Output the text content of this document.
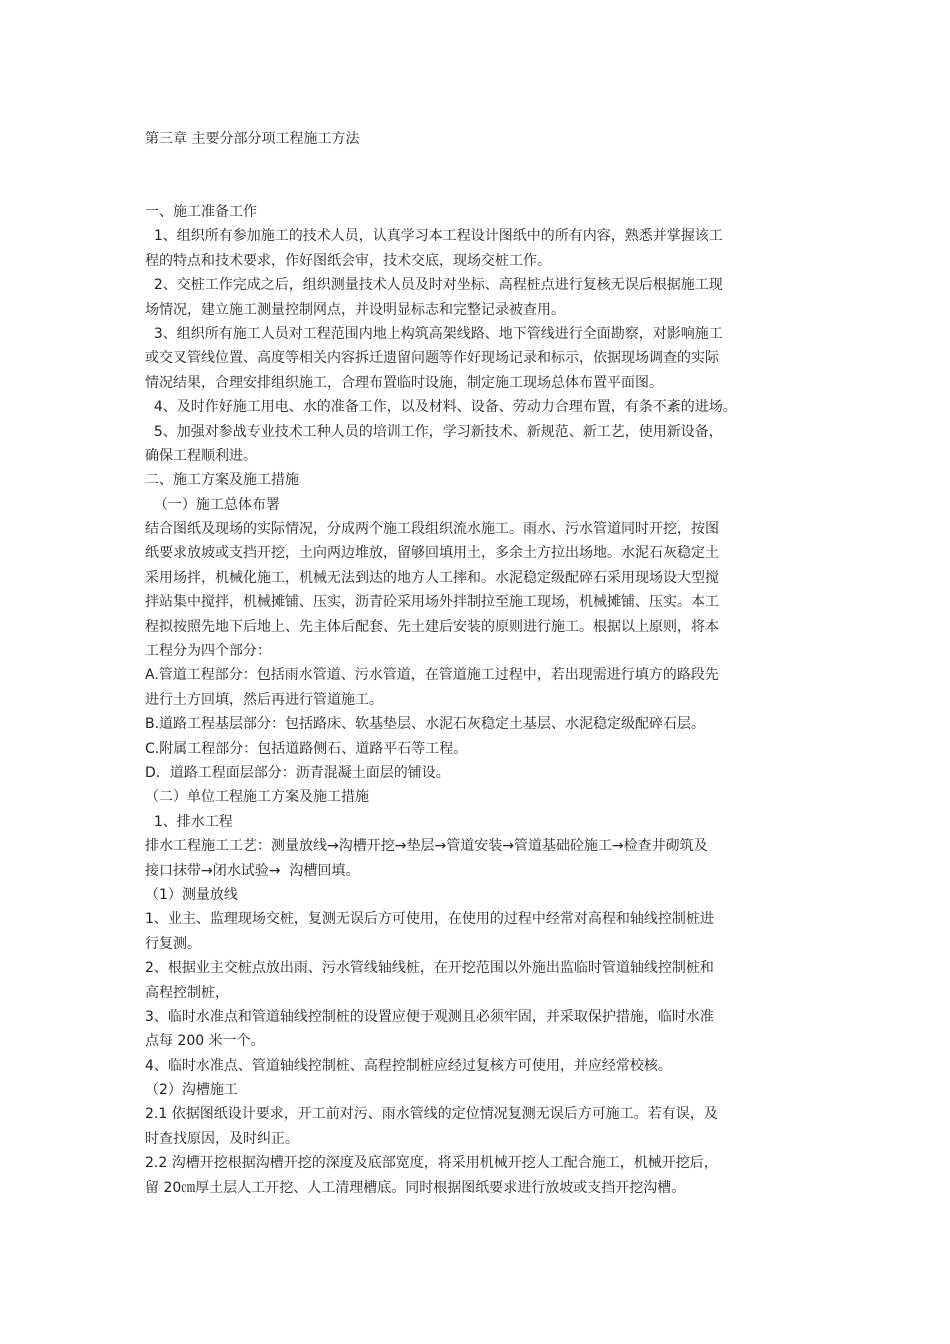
第三章 主要分部分项工程施工方法
一、施工准备工作
1、组织所有参加施工的技术人员，认真学习本工程设计图纸中的所有内容，熟悉并掌握该工
程的特点和技术要求，作好图纸会审，技术交底，现场交桩工作。
2、交桩工作完成之后，组织测量技术人员及时对坐标、高程桩点进行复核无误后根据施工现
场情况，建立施工测量控制网点，并设明显标志和完整记录被查用。
3、组织所有施工人员对工程范围内地上构筑高架线路、地下管线进行全面勘察，对影响施工
或交叉管线位置、高度等相关内容拆迁遗留问题等作好现场记录和标示，依据现场调查的实际
情况结果，合理安排组织施工，合理布置临时设施，制定施工现场总体布置平面图。
4、及时作好施工用电、水的准备工作，以及材料、设备、劳动力合理布置，有条不紊的进场。
5、加强对参战专业技术工种人员的培训工作，学习新技术、新规范、新工艺，使用新设备，
确保工程顺利进。
二、施工方案及施工措施
（一）施工总体布署
结合图纸及现场的实际情况，分成两个施工段组织流水施工。雨水、污水管道同时开挖，按图
纸要求放坡或支挡开挖，土向两边堆放，留够回填用土，多余土方拉出场地。水泥石灰稳定土
采用场拌，机械化施工，机械无法到达的地方人工摔和。水泥稳定级配碎石采用现场设大型搅
拌站集中搅拌，机械摊铺、压实，沥青砼采用场外拌制拉至施工现场，机械摊铺、压实。本工
程拟按照先地下后地上、先主体后配套、先土建后安装的原则进行施工。根据以上原则，将本
工程分为四个部分：
A.管道工程部分：包括雨水管道、污水管道，在管道施工过程中，若出现需进行填方的路段先
进行土方回填，然后再进行管道施工。
B.道路工程基层部分：包括路床、软基垫层、水泥石灰稳定土基层、水泥稳定级配碎石层。
C.附属工程部分：包括道路侧石、道路平石等工程。
D．道路工程面层部分：沥青混凝土面层的铺设。
（二）单位工程施工方案及施工措施
1、排水工程
排水工程施工工艺：测量放线→沟槽开挖→垫层→管道安装→管道基础砼施工→检查井砌筑及
接口抹带→闭水试验→  沟槽回填。
（1）测量放线
1、业主、监理现场交桩，复测无误后方可使用，在使用的过程中经常对高程和轴线控制桩进
行复测。
2、根据业主交桩点放出雨、污水管线轴线桩，在开挖范围以外施出监临时管道轴线控制桩和
高程控制桩，
3、临时水准点和管道轴线控制桩的设置应便于观测且必须牢固，并采取保护措施，临时水准
点每 200 米一个。
4、临时水准点、管道轴线控制桩、高程控制桩应经过复核方可使用，并应经常校核。
（2）沟槽施工
2.1 依据图纸设计要求，开工前对污、雨水管线的定位情况复测无误后方可施工。若有误，及
时查找原因，及时纠正。
2.2 沟槽开挖根据沟槽开挖的深度及底部宽度，将采用机械开挖人工配合施工，机械开挖后，
留 20㎝厚土层人工开挖、人工清理槽底。同时根据图纸要求进行放坡或支挡开挖沟槽。
